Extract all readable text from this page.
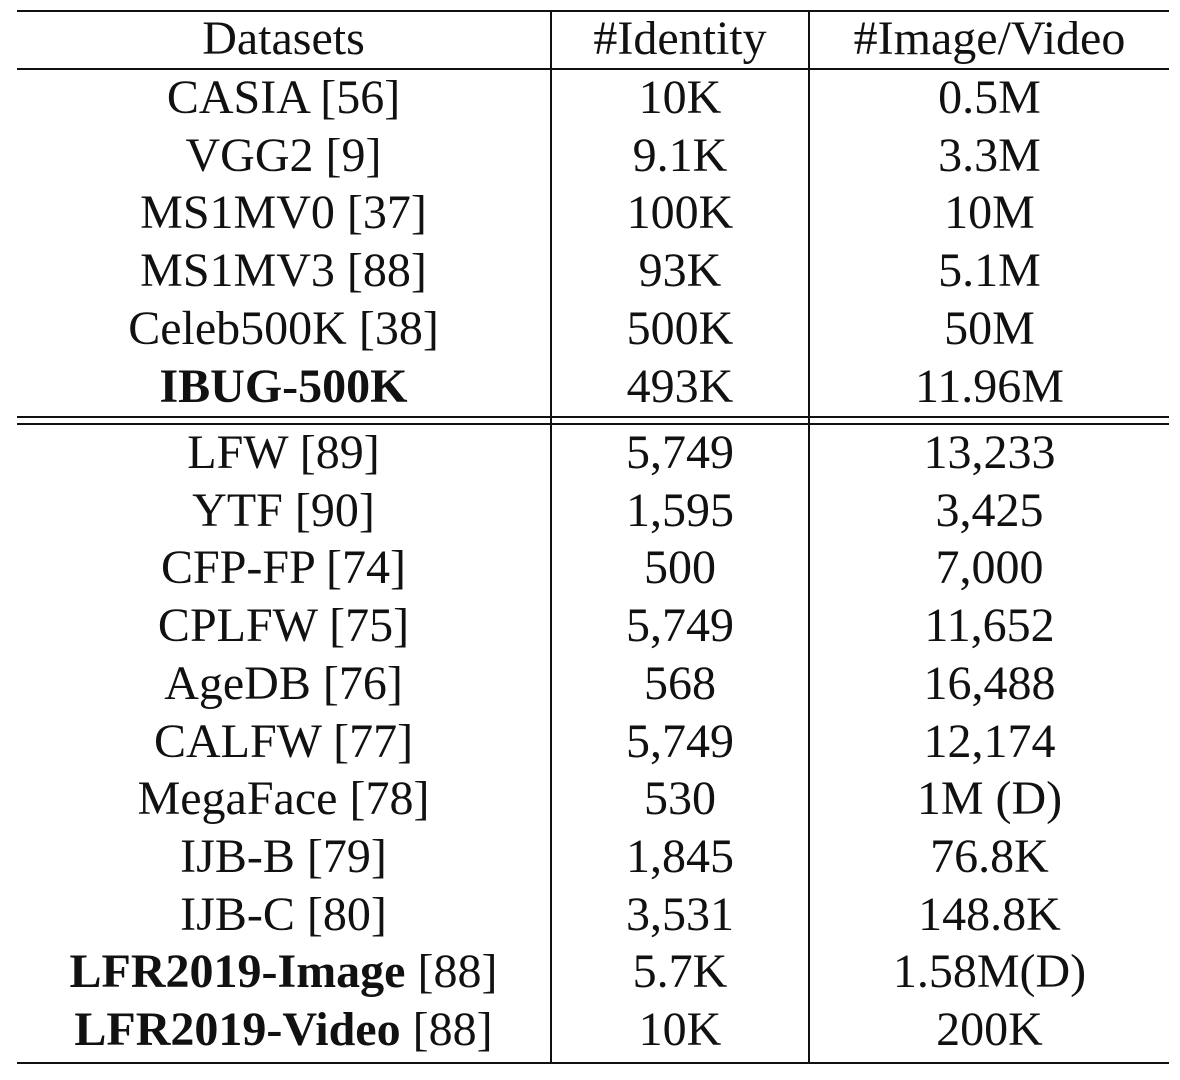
Datasets	#Identity	#Image/Video
CASIA [56]	10K	0.5M
VGG2 [9]	9.1K	3.3M
MS1MV0 [37]	100K	10M
MS1MV3 [88]	93K	5.1M
Celeb500K [38]	500K	50M
IBUG-500K	493K	11.96M
LFW [89]	5,749	13,233
YTF [90]	1,595	3,425
CFP-FP [74]	500	7,000
CPLFW [75]	5,749	11,652
AgeDB [76]	568	16,488
CALFW [77]	5,749	12,174
MegaFace [78]	530	1M (D)
IJB-B [79]	1,845	76.8K
IJB-C [80]	3,531	148.8K
LFR2019-Image [88]	5.7K	1.58M(D)
LFR2019-Video [88]	10K	200K
